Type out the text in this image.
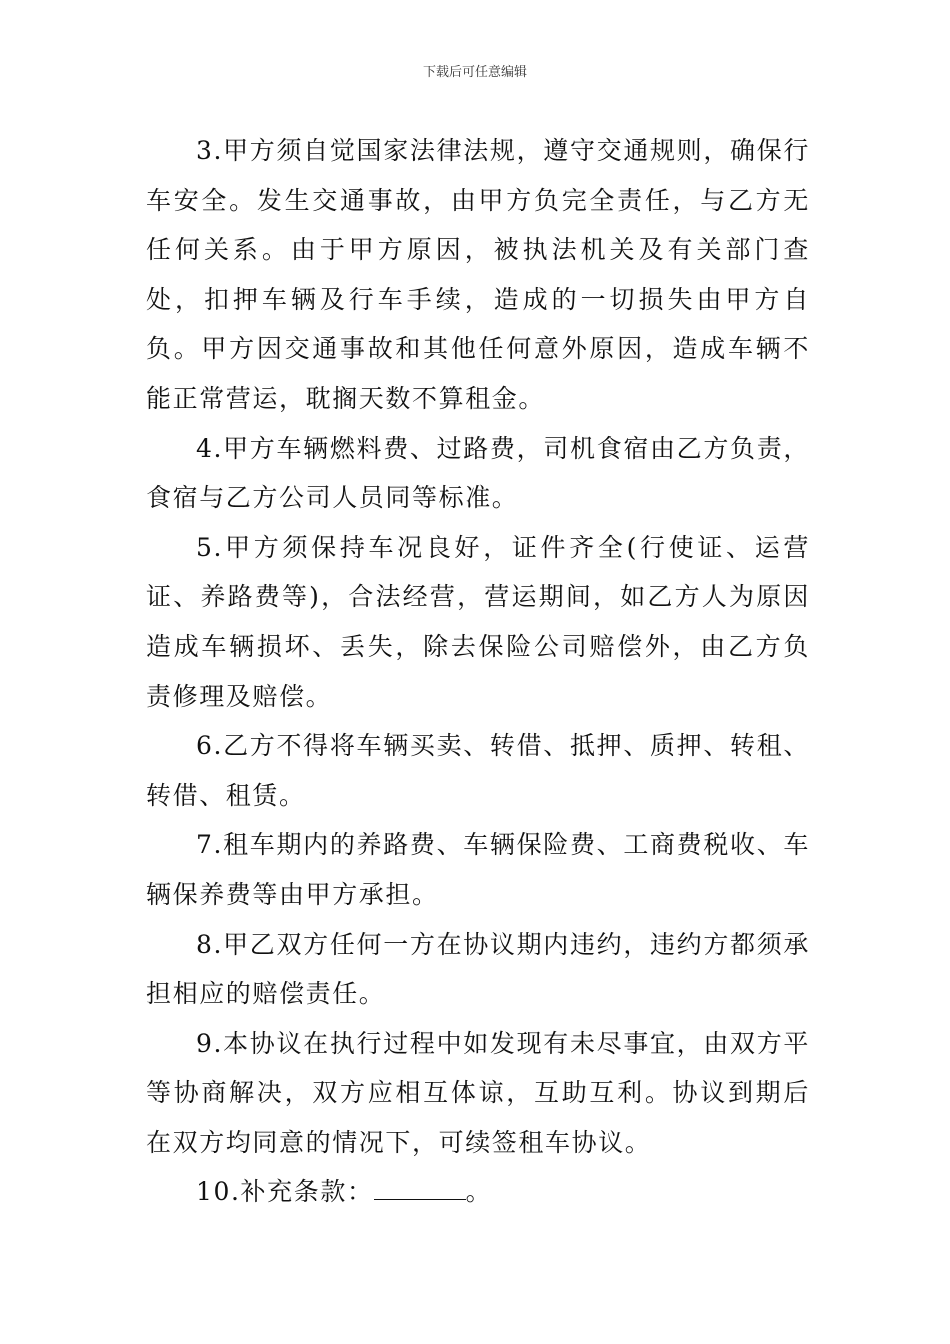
下载后可任意编辑

3.甲方须自觉国家法律法规，遵守交通规则，确保行车安全。发生交通事故，由甲方负完全责任，与乙方无任何关系。由于甲方原因，被执法机关及有关部门查处，扣押车辆及行车手续，造成的一切损失由甲方自负。甲方因交通事故和其他任何意外原因，造成车辆不能正常营运，耽搁天数不算租金。

4.甲方车辆燃料费、过路费，司机食宿由乙方负责，食宿与乙方公司人员同等标准。

5.甲方须保持车况良好，证件齐全(行使证、运营证、养路费等)，合法经营，营运期间，如乙方人为原因造成车辆损坏、丢失，除去保险公司赔偿外，由乙方负责修理及赔偿。

6.乙方不得将车辆买卖、转借、抵押、质押、转租、转借、租赁。

7.租车期内的养路费、车辆保险费、工商费税收、车辆保养费等由甲方承担。

8.甲乙双方任何一方在协议期内违约，违约方都须承担相应的赔偿责任。

9.本协议在执行过程中如发现有未尽事宜，由双方平等协商解决，双方应相互体谅，互助互利。协议到期后在双方均同意的情况下，可续签租车协议。

10.补充条款：	。
